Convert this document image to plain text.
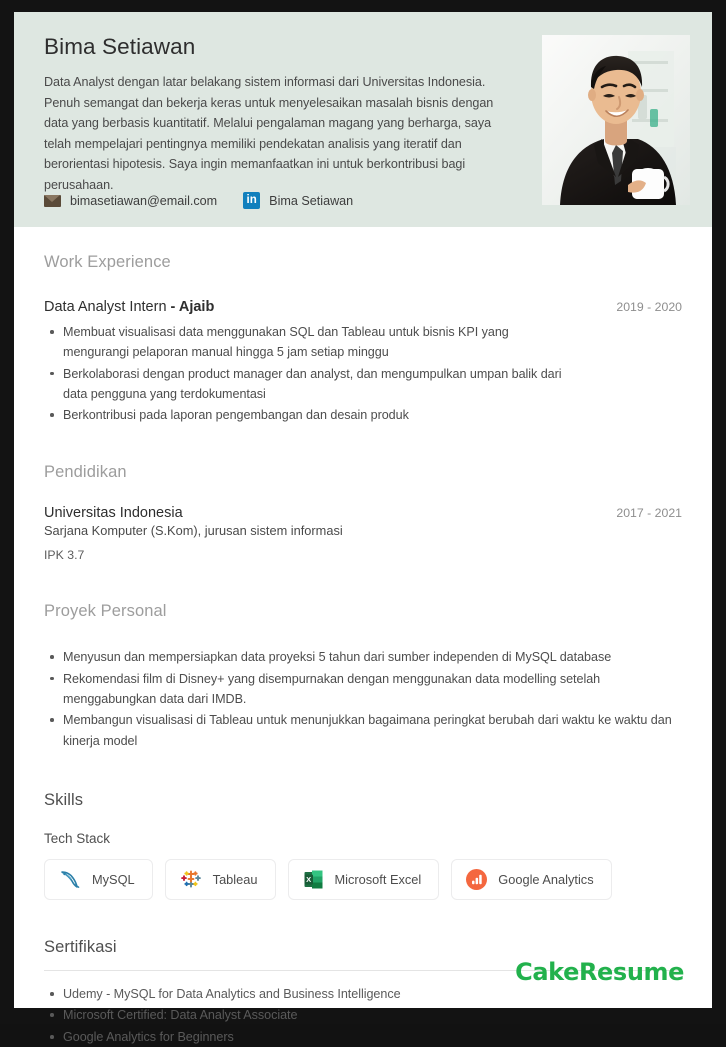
Bima Setiawan
Data Analyst dengan latar belakang sistem informasi dari Universitas Indonesia. Penuh semangat dan bekerja keras untuk menyelesaikan masalah bisnis dengan data yang berbasis kuantitatif. Melalui pengalaman magang yang berharga, saya telah mempelajari pentingnya memiliki pendekatan analisis yang iteratif dan berorientasi hipotesis. Saya ingin memanfaatkan ini untuk berkontribusi bagi perusahaan.
bimasetiawan@email.com in	Bima Setiawan
Work Experience
Data Analyst Intern - Ajaib	2019 - 2020
Membuat visualisasi data menggunakan SQL dan Tableau untuk bisnis KPI yang mengurangi pelaporan manual hingga 5 jam setiap minggu
Berkolaborasi dengan product manager dan analyst, dan mengumpulkan umpan balik dari data pengguna yang terdokumentasi
Berkontribusi pada laporan pengembangan dan desain produk
Pendidikan
Universitas Indonesia	2017 - 2021
Sarjana Komputer (S.Kom), jurusan sistem informasi
IPK 3.7
Proyek Personal
Menyusun dan mempersiapkan data proyeksi 5 tahun dari sumber independen di MySQL database
Rekomendasi film di Disney+ yang disempurnakan dengan menggunakan data modelling setelah menggabungkan data dari IMDB.
Membangun visualisasi di Tableau untuk menunjukkan bagaimana peringkat berubah dari waktu ke waktu dan kinerja model
Skills
Tech Stack
MySQL	Tableau	X Microsoft Excel	Google Analytics
Sertifikasi
Udemy - MySQL for Data Analytics and Business Intelligence
Microsoft Certified: Data Analyst Associate
Google Analytics for Beginners
CakeResume
